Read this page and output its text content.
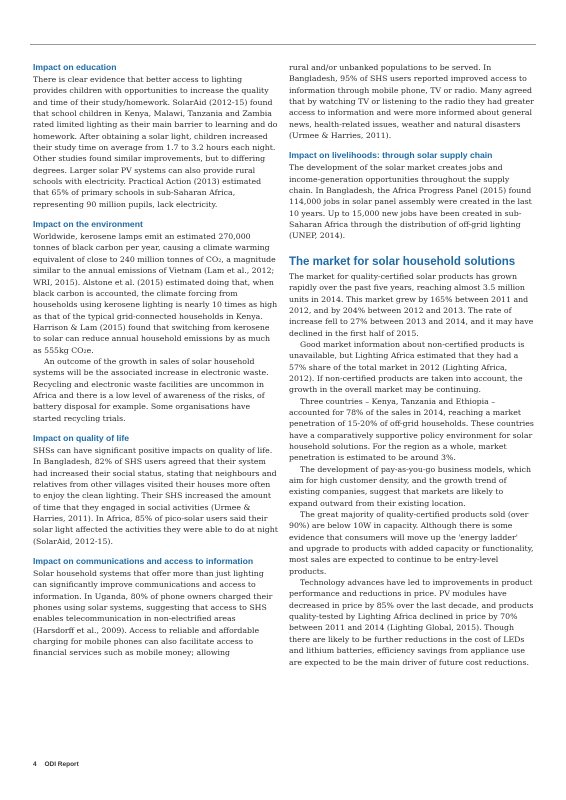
Impact on education

There is clear evidence that better access to lighting provides children with opportunities to increase the quality and time of their study/homework. SolarAid (2012-15) found that school children in Kenya, Malawi, Tanzania and Zambia rated limited lighting as their main barrier to learning and do homework. After obtaining a solar light, children increased their study time on average from 1.7 to 3.2 hours each night. Other studies found similar improvements, but to differing degrees. Larger solar PV systems can also provide rural schools with electricity. Practical Action (2013) estimated that 65% of primary schools in sub-Saharan Africa, representing 90 million pupils, lack electricity.

Impact on the environment

Worldwide, kerosene lamps emit an estimated 270,000 tonnes of black carbon per year, causing a climate warming equivalent of close to 240 million tonnes of CO₂, a magnitude similar to the annual emissions of Vietnam (Lam et al., 2012; WRI, 2015). Alstone et al. (2015) estimated doing that, when black carbon is accounted, the climate forcing from households using kerosene lighting is nearly 10 times as high as that of the typical grid-connected households in Kenya. Harrison & Lam (2015) found that switching from kerosene to solar can reduce annual household emissions by as much as 555kg CO₂e.

An outcome of the growth in sales of solar household systems will be the associated increase in electronic waste. Recycling and electronic waste facilities are uncommon in Africa and there is a low level of awareness of the risks, of battery disposal for example. Some organisations have started recycling trials.

Impact on quality of life

SHSs can have significant positive impacts on quality of life. In Bangladesh, 82% of SHS users agreed that their system had increased their social status, stating that neighbours and relatives from other villages visited their houses more often to enjoy the clean lighting. Their SHS increased the amount of time that they engaged in social activities (Urmee & Harries, 2011). In Africa, 85% of pico-solar users said their solar light affected the activities they were able to do at night (SolarAid, 2012-15).

Impact on communications and access to information

Solar household systems that offer more than just lighting can significantly improve communications and access to information. In Uganda, 80% of phone owners charged their phones using solar systems, suggesting that access to SHS enables telecommunication in non-electrified areas (Harsdorff et al., 2009). Access to reliable and affordable charging for mobile phones can also facilitate access to financial services such as mobile money; allowing

rural and/or unbanked populations to be served. In Bangladesh, 95% of SHS users reported improved access to information through mobile phone, TV or radio. Many agreed that by watching TV or listening to the radio they had greater access to information and were more informed about general news, health-related issues, weather and natural disasters (Urmee & Harries, 2011).

Impact on livelihoods: through solar supply chain

The development of the solar market creates jobs and income-generation opportunities throughout the supply chain. In Bangladesh, the Africa Progress Panel (2015) found 114,000 jobs in solar panel assembly were created in the last 10 years. Up to 15,000 new jobs have been created in sub-Saharan Africa through the distribution of off-grid lighting (UNEP, 2014).

The market for solar household solutions

The market for quality-certified solar products has grown rapidly over the past five years, reaching almost 3.5 million units in 2014. This market grew by 165% between 2011 and 2012, and by 204% between 2012 and 2013. The rate of increase fell to 27% between 2013 and 2014, and it may have declined in the first half of 2015.

Good market information about non-certified products is unavailable, but Lighting Africa estimated that they had a 57% share of the total market in 2012 (Lighting Africa, 2012). If non-certified products are taken into account, the growth in the overall market may be continuing.

Three countries – Kenya, Tanzania and Ethiopia – accounted for 78% of the sales in 2014, reaching a market penetration of 15-20% of off-grid households. These countries have a comparatively supportive policy environment for solar household solutions. For the region as a whole, market penetration is estimated to be around 3%.

The development of pay-as-you-go business models, which aim for high customer density, and the growth trend of existing companies, suggest that markets are likely to expand outward from their existing location.

The great majority of quality-certified products sold (over 90%) are below 10W in capacity. Although there is some evidence that consumers will move up the 'energy ladder' and upgrade to products with added capacity or functionality, most sales are expected to continue to be entry-level products.

Technology advances have led to improvements in product performance and reductions in price. PV modules have decreased in price by 85% over the last decade, and products quality-tested by Lighting Africa declined in price by 70% between 2011 and 2014 (Lighting Global, 2015). Though there are likely to be further reductions in the cost of LEDs and lithium batteries, efficiency savings from appliance use are expected to be the main driver of future cost reductions.

4 ODI Report
